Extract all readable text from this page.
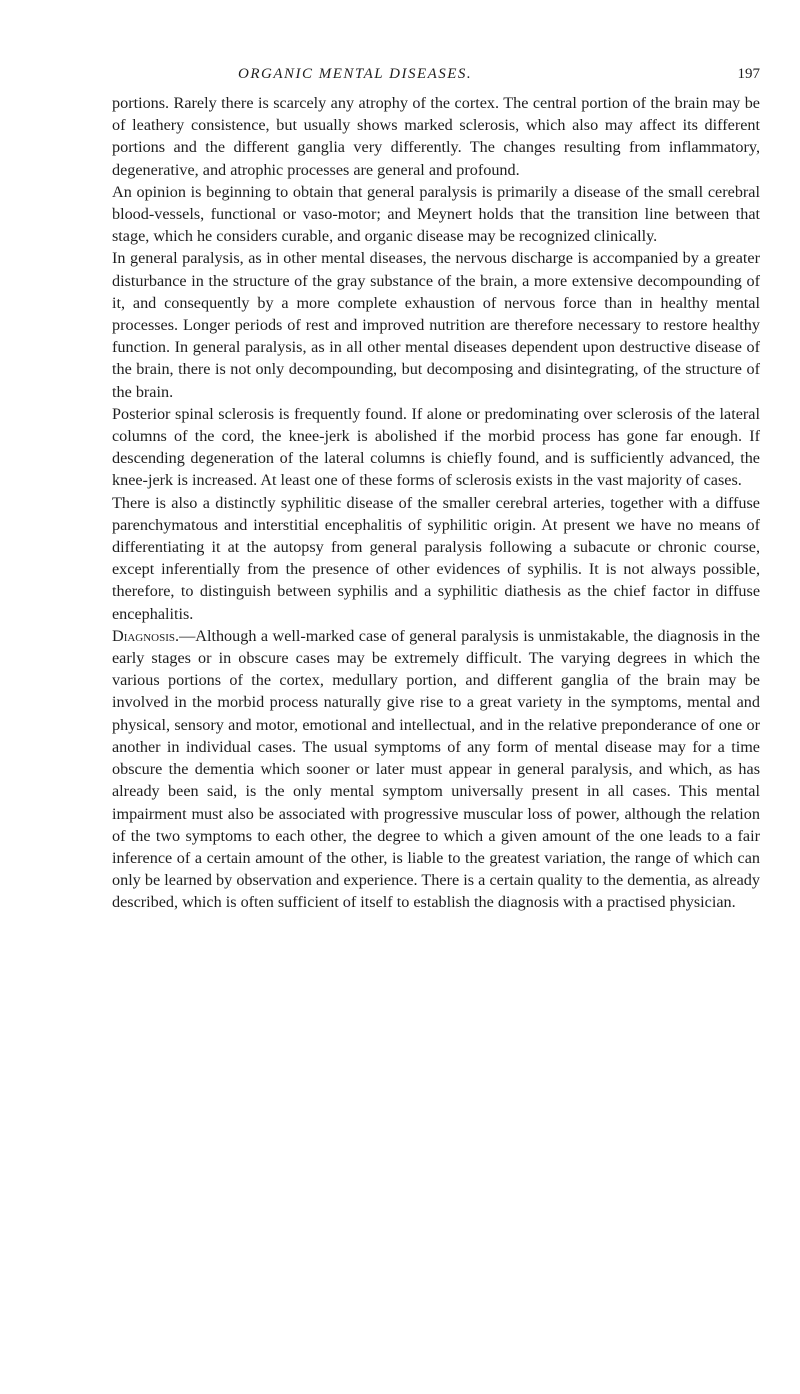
ORGANIC MENTAL DISEASES.	197

portions. Rarely there is scarcely any atrophy of the cortex. The central portion of the brain may be of leathery consistence, but usually shows marked sclerosis, which also may affect its different portions and the different ganglia very differently. The changes resulting from inflammatory, degenerative, and atrophic processes are general and profound.

An opinion is beginning to obtain that general paralysis is primarily a disease of the small cerebral blood-vessels, functional or vaso-motor; and Meynert holds that the transition line between that stage, which he considers curable, and organic disease may be recognized clinically.

In general paralysis, as in other mental diseases, the nervous discharge is accompanied by a greater disturbance in the structure of the gray substance of the brain, a more extensive decompounding of it, and consequently by a more complete exhaustion of nervous force than in healthy mental processes. Longer periods of rest and improved nutrition are therefore necessary to restore healthy function. In general paralysis, as in all other mental diseases dependent upon destructive disease of the brain, there is not only decompounding, but decomposing and disintegrating, of the structure of the brain.

Posterior spinal sclerosis is frequently found. If alone or predominating over sclerosis of the lateral columns of the cord, the knee-jerk is abolished if the morbid process has gone far enough. If descending degeneration of the lateral columns is chiefly found, and is sufficiently advanced, the knee-jerk is increased. At least one of these forms of sclerosis exists in the vast majority of cases.

There is also a distinctly syphilitic disease of the smaller cerebral arteries, together with a diffuse parenchymatous and interstitial encephalitis of syphilitic origin. At present we have no means of differentiating it at the autopsy from general paralysis following a subacute or chronic course, except inferentially from the presence of other evidences of syphilis. It is not always possible, therefore, to distinguish between syphilis and a syphilitic diathesis as the chief factor in diffuse encephalitis.

Diagnosis.—Although a well-marked case of general paralysis is unmistakable, the diagnosis in the early stages or in obscure cases may be extremely difficult. The varying degrees in which the various portions of the cortex, medullary portion, and different ganglia of the brain may be involved in the morbid process naturally give rise to a great variety in the symptoms, mental and physical, sensory and motor, emotional and intellectual, and in the relative preponderance of one or another in individual cases. The usual symptoms of any form of mental disease may for a time obscure the dementia which sooner or later must appear in general paralysis, and which, as has already been said, is the only mental symptom universally present in all cases. This mental impairment must also be associated with progressive muscular loss of power, although the relation of the two symptoms to each other, the degree to which a given amount of the one leads to a fair inference of a certain amount of the other, is liable to the greatest variation, the range of which can only be learned by observation and experience. There is a certain quality to the dementia, as already described, which is often sufficient of itself to establish the diagnosis with a practised physician.
